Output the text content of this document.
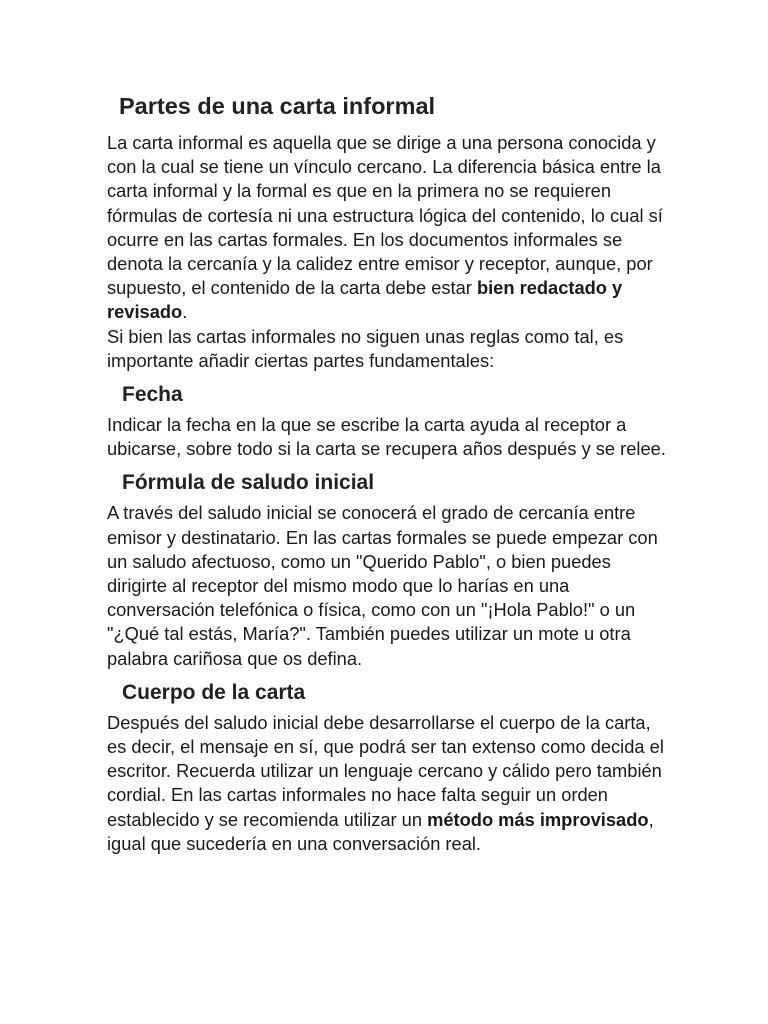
Partes de una carta informal

La carta informal es aquella que se dirige a una persona conocida y con la cual se tiene un vínculo cercano. La diferencia básica entre la carta informal y la formal es que en la primera no se requieren fórmulas de cortesía ni una estructura lógica del contenido, lo cual sí ocurre en las cartas formales. En los documentos informales se denota la cercanía y la calidez entre emisor y receptor, aunque, por supuesto, el contenido de la carta debe estar bien redactado y revisado.
Si bien las cartas informales no siguen unas reglas como tal, es importante añadir ciertas partes fundamentales:

Fecha

Indicar la fecha en la que se escribe la carta ayuda al receptor a ubicarse, sobre todo si la carta se recupera años después y se relee.

Fórmula de saludo inicial

A través del saludo inicial se conocerá el grado de cercanía entre emisor y destinatario. En las cartas formales se puede empezar con un saludo afectuoso, como un "Querido Pablo", o bien puedes dirigirte al receptor del mismo modo que lo harías en una conversación telefónica o física, como con un "¡Hola Pablo!" o un "¿Qué tal estás, María?". También puedes utilizar un mote u otra palabra cariñosa que os defina.

Cuerpo de la carta

Después del saludo inicial debe desarrollarse el cuerpo de la carta, es decir, el mensaje en sí, que podrá ser tan extenso como decida el escritor. Recuerda utilizar un lenguaje cercano y cálido pero también cordial. En las cartas informales no hace falta seguir un orden establecido y se recomienda utilizar un método más improvisado, igual que sucedería en una conversación real.
